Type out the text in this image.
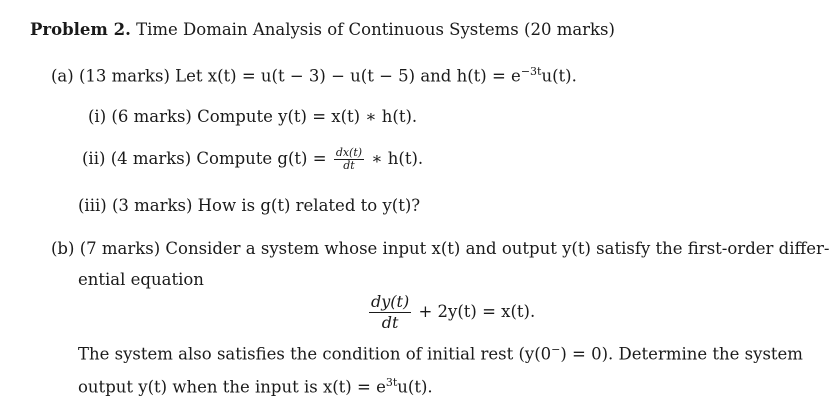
Problem 2. Time Domain Analysis of Continuous Systems (20 marks)
(a) (13 marks) Let x(t) = u(t − 3) − u(t − 5) and $h(t) = e^{-3t}u(t)$.
(i) (6 marks) Compute y(t) = x(t) ∗ h(t).
(ii) (4 marks) Compute $g(t) = \frac{dx(t)}{dt}$ ∗ h(t).
(iii) (3 marks) How is g(t) related to y(t)?
(b) (7 marks) Consider a system whose input x(t) and output y(t) satisfy the first-order differ-
ential equation
$\frac{dy(t)}{dt} + 2y(t) = x(t)$.
The system also satisfies the condition of initial rest (y(0−) = 0). Determine the system
output y(t) when the input is $x(t) = e^{3t}u(t)$.
